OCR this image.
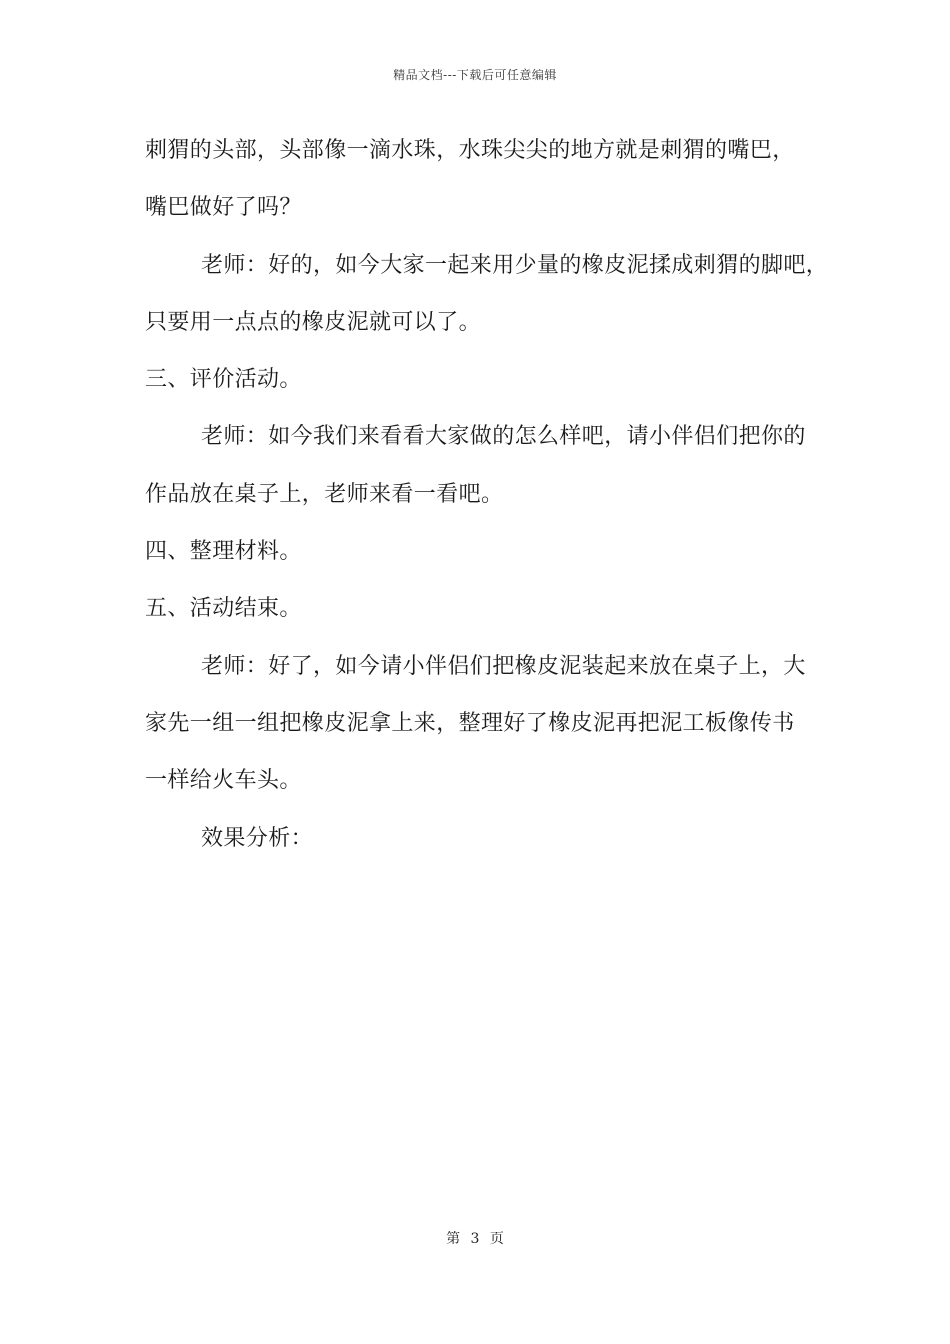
精品文档---下载后可任意编辑
刺猬的头部，头部像一滴水珠，水珠尖尖的地方就是刺猬的嘴巴，
嘴巴做好了吗？
老师：好的，如今大家一起来用少量的橡皮泥揉成刺猬的脚吧，
只要用一点点的橡皮泥就可以了。
三、评价活动。
老师：如今我们来看看大家做的怎么样吧，请小伴侣们把你的
作品放在桌子上，老师来看一看吧。
四、整理材料。
五、活动结束。
老师：好了，如今请小伴侣们把橡皮泥装起来放在桌子上，大
家先一组一组把橡皮泥拿上来，整理好了橡皮泥再把泥工板像传书
一样给火车头。
效果分析：
第 3 页
